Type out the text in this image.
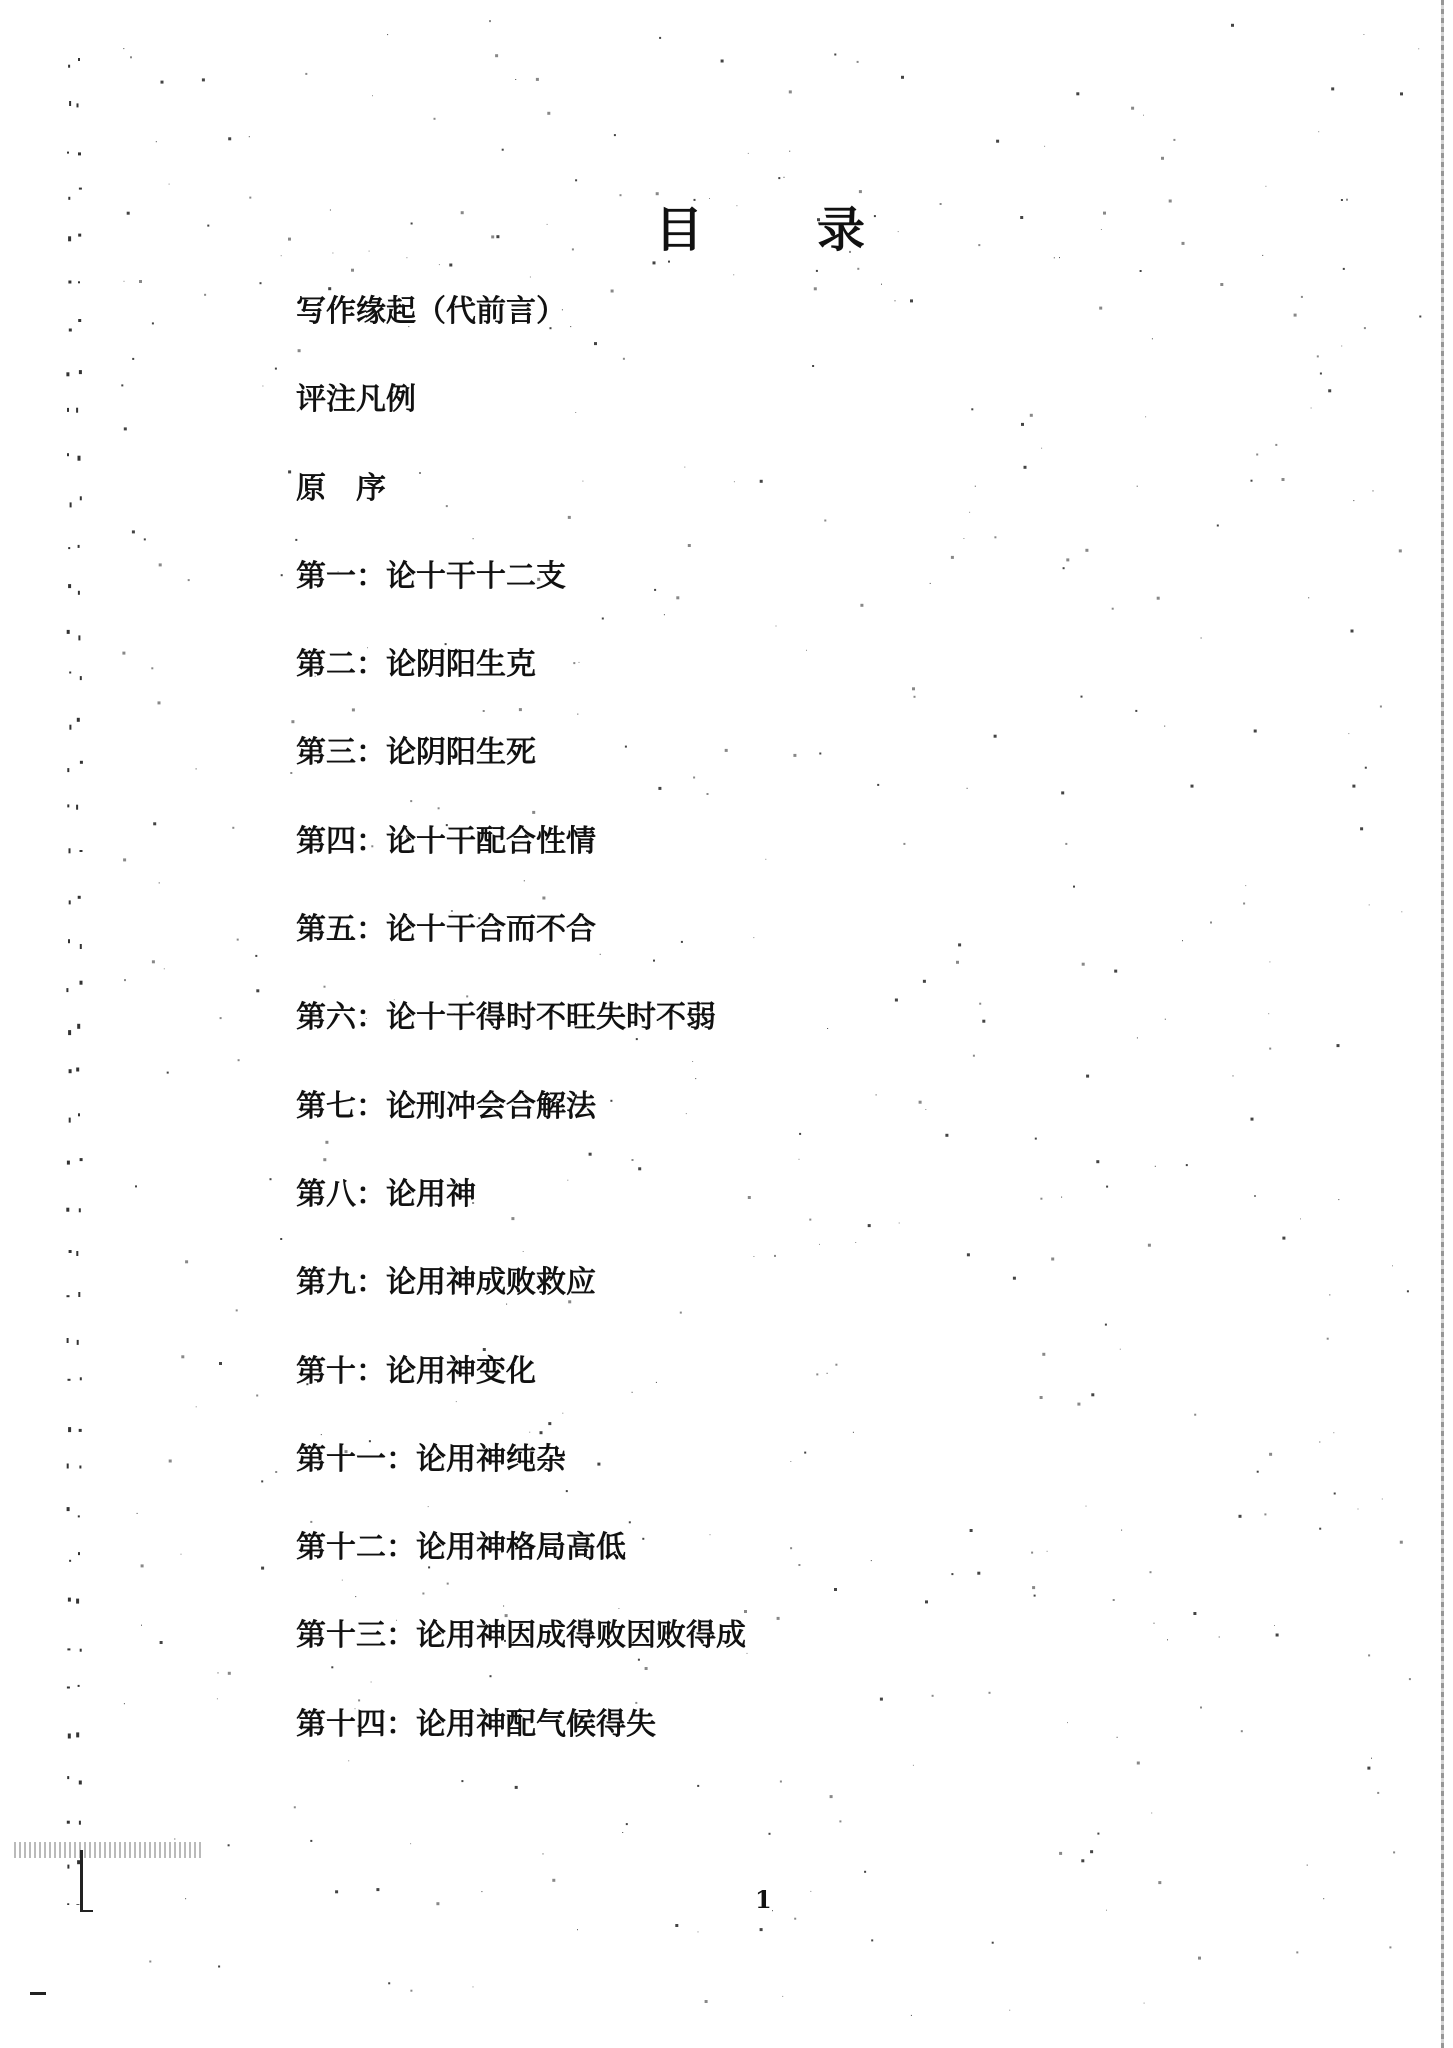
目 录
写作缘起（代前言）
评注凡例
原　序
第一：论十干十二支
第二：论阴阳生克
第三：论阴阳生死
第四：论十干配合性情
第五：论十干合而不合
第六：论十干得时不旺失时不弱
第七：论刑冲会合解法
第八：论用神
第九：论用神成败救应
第十：论用神变化
第十一：论用神纯杂
第十二：论用神格局高低
第十三：论用神因成得败因败得成
第十四：论用神配气候得失
1
